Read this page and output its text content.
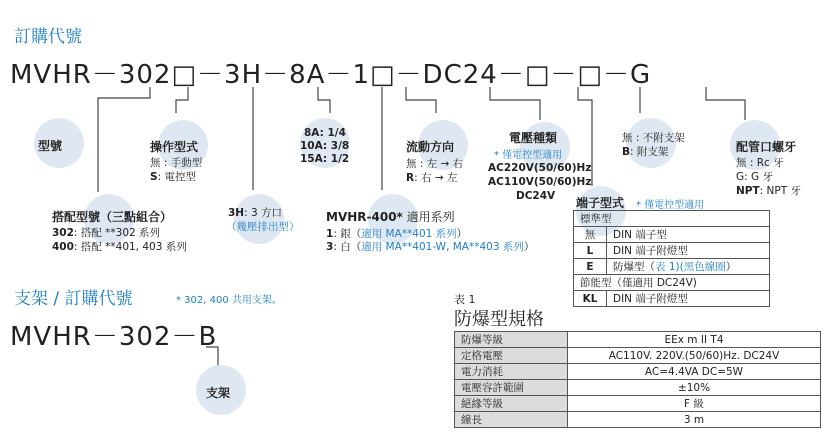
訂購代號
MVHR－302□－3H－8A－1□－DC24－□－□－G
型號
搭配型號（三點組合）
302: 搭配 **302 系列
400: 搭配 **401, 403 系列
操作型式
無 : 手動型
S: 電控型
3H: 3 方口
（幾壓排出型）
8A: 1/4
10A: 3/8
15A: 1/2
MVHR-400* 適用系列
1: 銀（適用 MA**401 系列）
3: 白（適用 MA**401-W, MA**403 系列）
流動方向
無 : 左 → 右
R: 右 → 左
電壓種類
* 僅電控型適用
AC220V(50/60)Hz
AC110V(50/60)Hz
DC24V
無 : 不附支架
B: 附支架	配管口螺牙
無 : Rc 牙
G: G 牙
NPT: NPT 牙
端子型式 * 僅電控型適用
標準型	
無	DIN 端子型
L	DIN 端子附燈型
E	防爆型（表 1)(黑色線圈）
節能型（僅適用 DC24V)	
KL	DIN 端子附燈型
支架 / 訂購代號	* 302, 400 共用支架。
MVHR－302－B
支架
表 1
防爆型規格
防爆等級	EEx m II T4
定格電壓	AC110V. 220V.(50/60)Hz. DC24V
電力消耗	AC=4.4VA DC=5W
電壓容許範圍	±10%
絕緣等級	F 級
線長	3 m
